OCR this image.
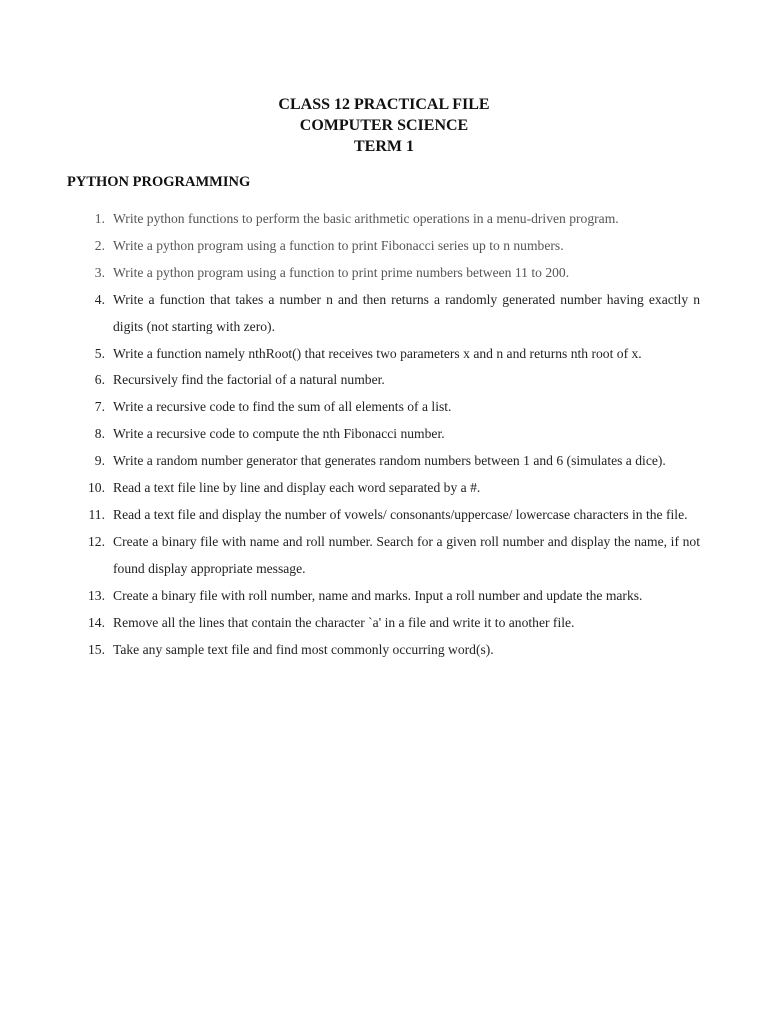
CLASS 12 PRACTICAL FILE
COMPUTER SCIENCE
TERM 1
PYTHON PROGRAMMING
1. Write python functions to perform the basic arithmetic operations in a menu-driven program.
2. Write a python program using a function to print Fibonacci series up to n numbers.
3. Write a python program using a function to print prime numbers between 11 to 200.
4. Write a function that takes a number n and then returns a randomly generated number having exactly n digits (not starting with zero).
5. Write a function namely nthRoot() that receives two parameters x and n and returns nth root of x.
6. Recursively find the factorial of a natural number.
7. Write a recursive code to find the sum of all elements of a list.
8. Write a recursive code to compute the nth Fibonacci number.
9. Write a random number generator that generates random numbers between 1 and 6 (simulates a dice).
10. Read a text file line by line and display each word separated by a #.
11. Read a text file and display the number of vowels/ consonants/uppercase/ lowercase characters in the file.
12. Create a binary file with name and roll number. Search for a given roll number and display the name, if not found display appropriate message.
13. Create a binary file with roll number, name and marks. Input a roll number and update the marks.
14. Remove all the lines that contain the character `a' in a file and write it to another file.
15. Take any sample text file and find most commonly occurring word(s).
